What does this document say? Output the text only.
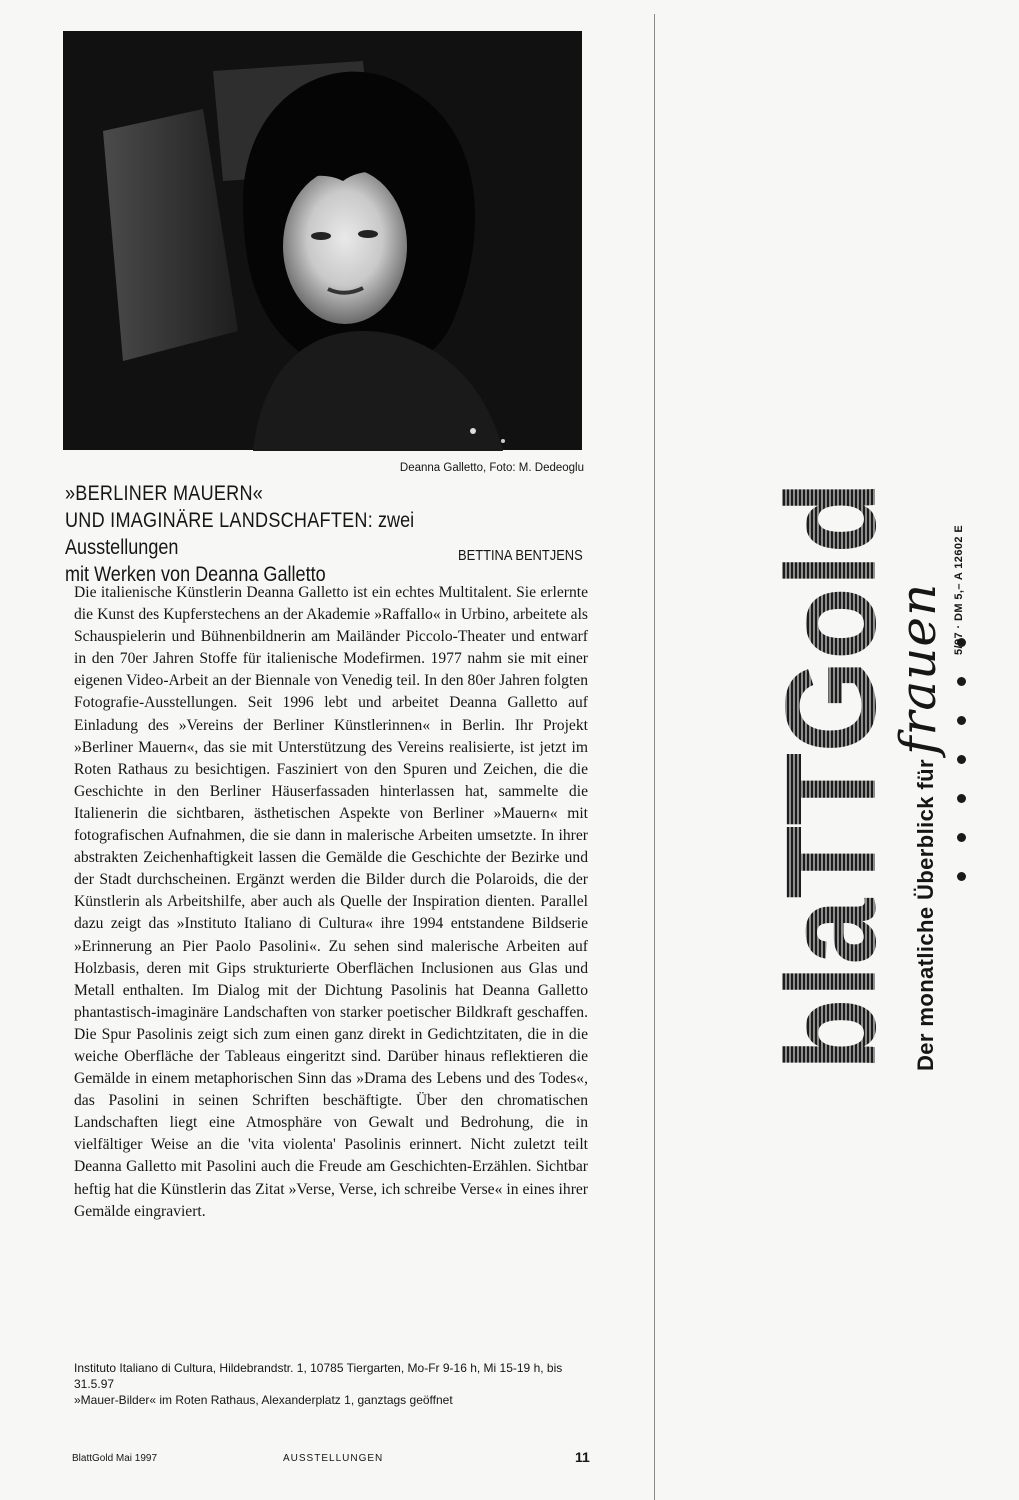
Deanna Galletto, Foto: M. Dedeoglu
»BERLINER MAUERN«
UND IMAGINÄRE LANDSCHAFTEN: zwei Ausstellungen
mit Werken von Deanna Galletto
BETTINA BENTJENS

Die italienische Künstlerin Deanna Galletto ist ein echtes Multitalent. Sie erlernte die Kunst des Kupferstechens an der Akademie »Raffallo« in Urbino, arbeitete als Schauspielerin und Bühnenbildnerin am Mailänder Piccolo-Theater und entwarf in den 70er Jahren Stoffe für italienische Modefirmen. 1977 nahm sie mit einer eigenen Video-Arbeit an der Biennale von Venedig teil. In den 80er Jahren folgten Fotografie-Ausstellungen. Seit 1996 lebt und arbeitet Deanna Galletto auf Einladung des »Vereins der Berliner Künstlerinnen« in Berlin. Ihr Projekt »Berliner Mauern«, das sie mit Unterstützung des Vereins realisierte, ist jetzt im Roten Rathaus zu besichtigen. Fasziniert von den Spuren und Zeichen, die die Geschichte in den Berliner Häuserfassaden hinterlassen hat, sammelte die Italienerin die sichtbaren, ästhetischen Aspekte von Berliner »Mauern« mit fotografischen Aufnahmen, die sie dann in malerische Arbeiten umsetzte. In ihrer abstrakten Zeichenhaftigkeit lassen die Gemälde die Geschichte der Bezirke und der Stadt durchscheinen. Ergänzt werden die Bilder durch die Polaroids, die der Künstlerin als Arbeitshilfe, aber auch als Quelle der Inspiration dienten. Parallel dazu zeigt das »Instituto Italiano di Cultura« ihre 1994 entstandene Bildserie »Erinnerung an Pier Paolo Pasolini«. Zu sehen sind malerische Arbeiten auf Holzbasis, deren mit Gips strukturierte Oberflächen Inclusionen aus Glas und Metall enthalten. Im Dialog mit der Dichtung Pasolinis hat Deanna Galletto phantastisch-imaginäre Landschaften von starker poetischer Bildkraft geschaffen. Die Spur Pasolinis zeigt sich zum einen ganz direkt in Gedichtzitaten, die in die weiche Oberfläche der Tableaus eingeritzt sind. Darüber hinaus reflektieren die Gemälde in einem metaphorischen Sinn das »Drama des Lebens und des Todes«, das Pasolini in seinen Schriften beschäftigte. Über den chromatischen Landschaften liegt eine Atmosphäre von Gewalt und Bedrohung, die in vielfältiger Weise an die 'vita violenta' Pasolinis erinnert. Nicht zuletzt teilt Deanna Galletto mit Pasolini auch die Freude am Geschichten-Erzählen. Sichtbar heftig hat die Künstlerin das Zitat »Verse, Verse, ich schreibe Verse« in eines ihrer Gemälde eingraviert.

Instituto Italiano di Cultura, Hildebrandstr. 1, 10785 Tiergarten, Mo-Fr 9-16 h, Mi 15-19 h, bis 31.5.97

»Mauer-Bilder« im Roten Rathaus, Alexanderplatz 1, ganztags geöffnet

BlattGold Mai 1997	AUSSTELLUNGEN	11
blaTTGold Der monatliche Überblick fürfrauen 5/97 · DM 5,– A 12602 E
